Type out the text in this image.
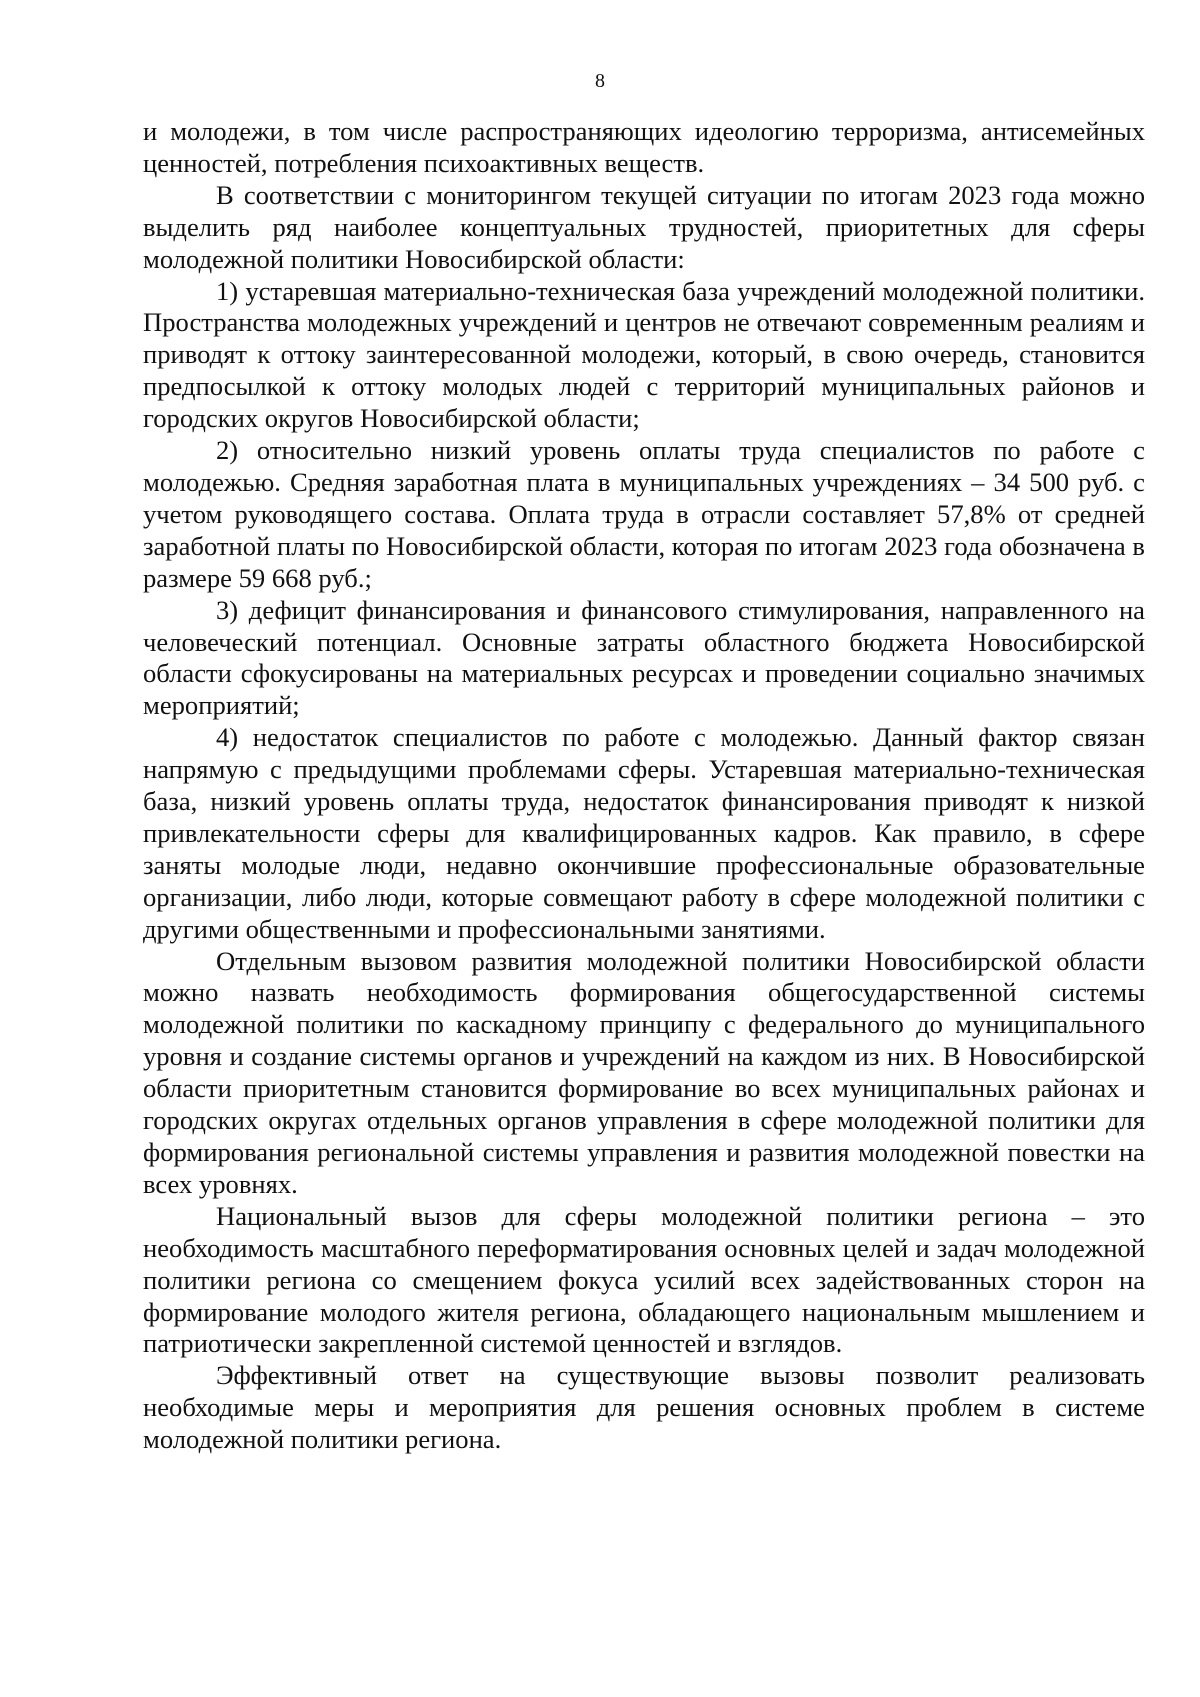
8

и молодежи, в том числе распространяющих идеологию терроризма, антисемейных ценностей, потребления психоактивных веществ.

В соответствии с мониторингом текущей ситуации по итогам 2023 года можно выделить ряд наиболее концептуальных трудностей, приоритетных для сферы молодежной политики Новосибирской области:

1) устаревшая материально-техническая база учреждений молодежной политики. Пространства молодежных учреждений и центров не отвечают современным реалиям и приводят к оттоку заинтересованной молодежи, который, в свою очередь, становится предпосылкой к оттоку молодых людей с территорий муниципальных районов и городских округов Новосибирской области;

2) относительно низкий уровень оплаты труда специалистов по работе с молодежью. Средняя заработная плата в муниципальных учреждениях – 34 500 руб. с учетом руководящего состава. Оплата труда в отрасли составляет 57,8% от средней заработной платы по Новосибирской области, которая по итогам 2023 года обозначена в размере 59 668 руб.;

3) дефицит финансирования и финансового стимулирования, направленного на человеческий потенциал. Основные затраты областного бюджета Новосибирской области сфокусированы на материальных ресурсах и проведении социально значимых мероприятий;

4) недостаток специалистов по работе с молодежью. Данный фактор связан напрямую с предыдущими проблемами сферы. Устаревшая материально-техническая база, низкий уровень оплаты труда, недостаток финансирования приводят к низкой привлекательности сферы для квалифицированных кадров. Как правило, в сфере заняты молодые люди, недавно окончившие профессиональные образовательные организации, либо люди, которые совмещают работу в сфере молодежной политики с другими общественными и профессиональными занятиями.

Отдельным вызовом развития молодежной политики Новосибирской области можно назвать необходимость формирования общегосударственной системы молодежной политики по каскадному принципу с федерального до муниципального уровня и создание системы органов и учреждений на каждом из них. В Новосибирской области приоритетным становится формирование во всех муниципальных районах и городских округах отдельных органов управления в сфере молодежной политики для формирования региональной системы управления и развития молодежной повестки на всех уровнях.

Национальный вызов для сферы молодежной политики региона – это необходимость масштабного переформатирования основных целей и задач молодежной политики региона со смещением фокуса усилий всех задействованных сторон на формирование молодого жителя региона, обладающего национальным мышлением и патриотически закрепленной системой ценностей и взглядов.

Эффективный ответ на существующие вызовы позволит реализовать необходимые меры и мероприятия для решения основных проблем в системе молодежной политики региона.
